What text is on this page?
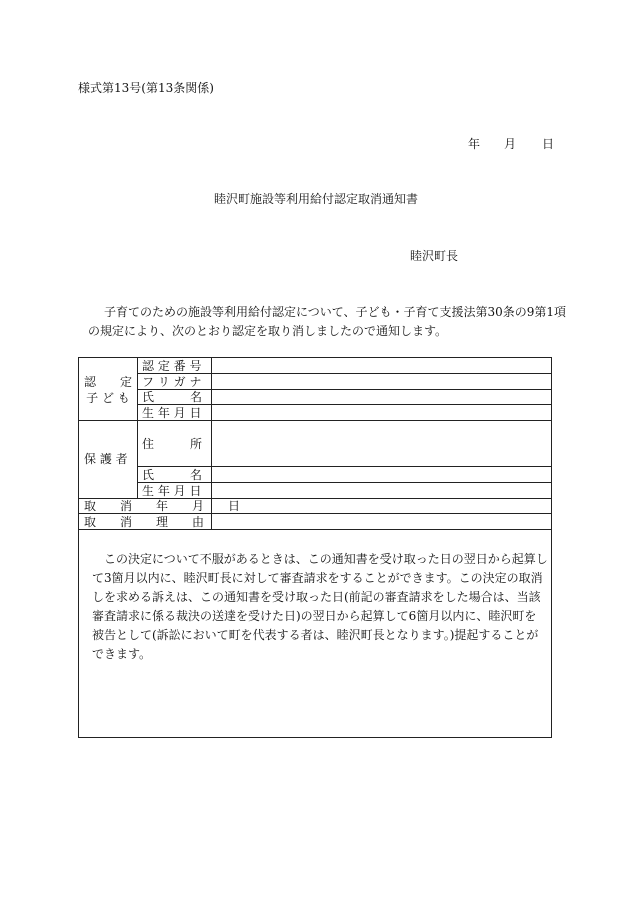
様式第13号(第13条関係)
年 月 日
睦沢町施設等利用給付認定取消通知書
睦沢町長

子育てのための施設等利用給付認定について、子ども・子育て支援法第30条の9第1項

の規定により、次のとおり認定を取り消しましたので通知します。

認　　定
子 ど も
認 定 番 号
フ リ ガ ナ
氏　　　名
生 年 月 日
保 護 者
住　　　所
氏　　　名
生 年 月 日
取　　消　　年　　月　　日
取　　消　　理　　由

この決定について不服があるときは、この通知書を受け取った日の翌日から起算して3箇月以内に、睦沢町長に対して審査請求をすることができます。この決定の取消しを求める訴えは、この通知書を受け取った日(前記の審査請求をした場合は、当該審査請求に係る裁決の送達を受けた日)の翌日から起算して6箇月以内に、睦沢町を被告として(訴訟において町を代表する者は、睦沢町長となります。)提起することができます。
